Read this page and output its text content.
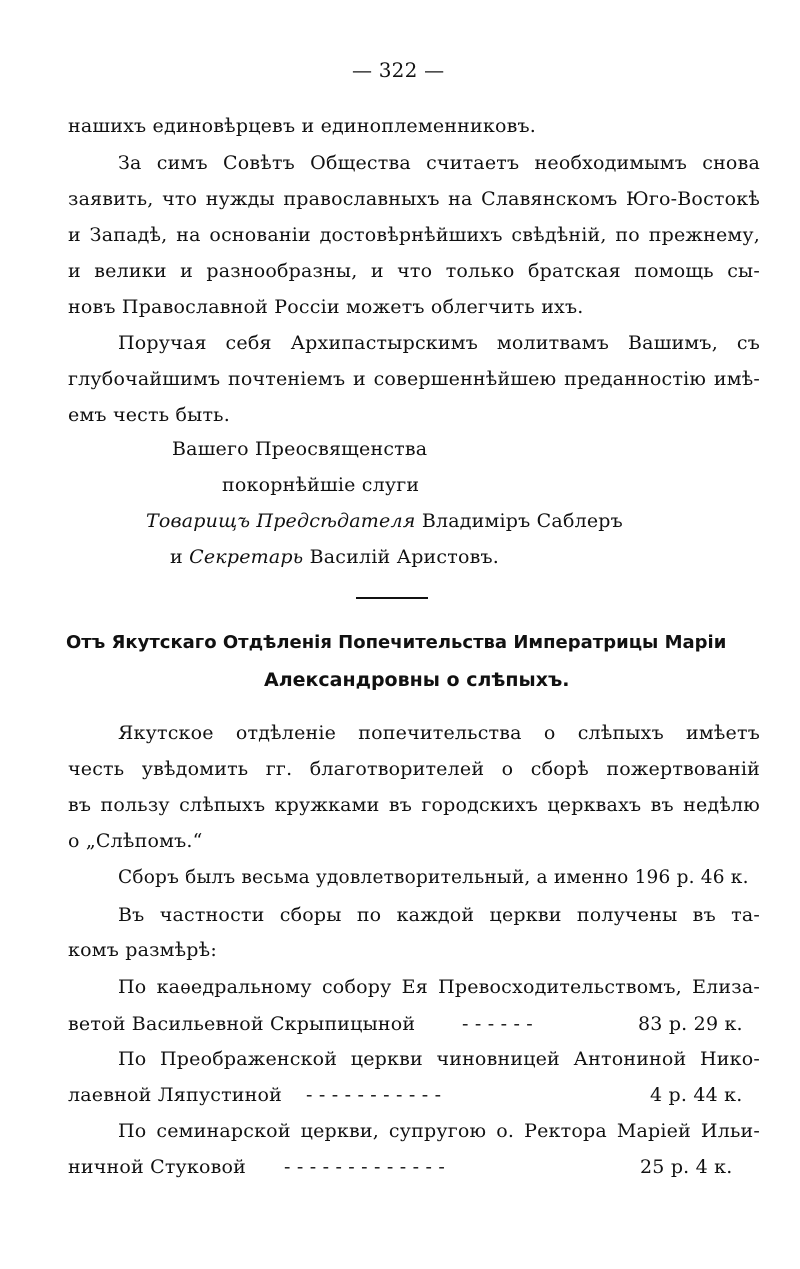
— 322 —
нашихъ единовѣрцевъ и единоплеменниковъ.
За симъ Совѣтъ Общества считаетъ необходимымъ снова
заявить, что нужды православныхъ на Славянскомъ Юго-Востокѣ
и Западѣ, на основаніи достовѣрнѣйшихъ свѣдѣній, по прежнему,
и велики и разнообразны, и что только братская помощь сы-
новъ Православной Россіи можетъ облегчить ихъ.
Поручая себя Архипастырскимъ молитвамъ Вашимъ, съ
глубочайшимъ почтеніемъ и совершеннѣйшею преданностію имѣ-
емъ честь быть.
Вашего Преосвященства
покорнѣйшіе слуги
Товарищъ Предсѣдателя Владиміръ Саблеръ
и Секретарь Василій Аристовъ.
Отъ Якутскаго Отдѣленія Попечительства Императрицы Маріи
Александровны о слѣпыхъ.
Якутское отдѣленіе попечительства о слѣпыхъ имѣетъ
честь увѣдомить гг. благотворителей о сборѣ пожертвованій
въ пользу слѣпыхъ кружками въ городскихъ церквахъ въ недѣлю
о „Слѣпомъ.“
Сборъ былъ весьма удовлетворительный, а именно 196 р. 46 к.
Въ частности сборы по каждой церкви получены въ та-
комъ размѣрѣ:
По каѳедральному собору Ея Превосходительствомъ, Елиза-
ветой Васильевной Скрыпицыной - - - - - -	83 р. 29 к.
По Преображенской церкви чиновницей Антониной Нико-
лаевной Ляпустиной - - - - - - - - - - -	4 р. 44 к.
По семинарской церкви, супругою о. Ректора Маріей Ильи-
ничной Стуковой - - - - - - - - - - - - -	25 р. 4 к.
